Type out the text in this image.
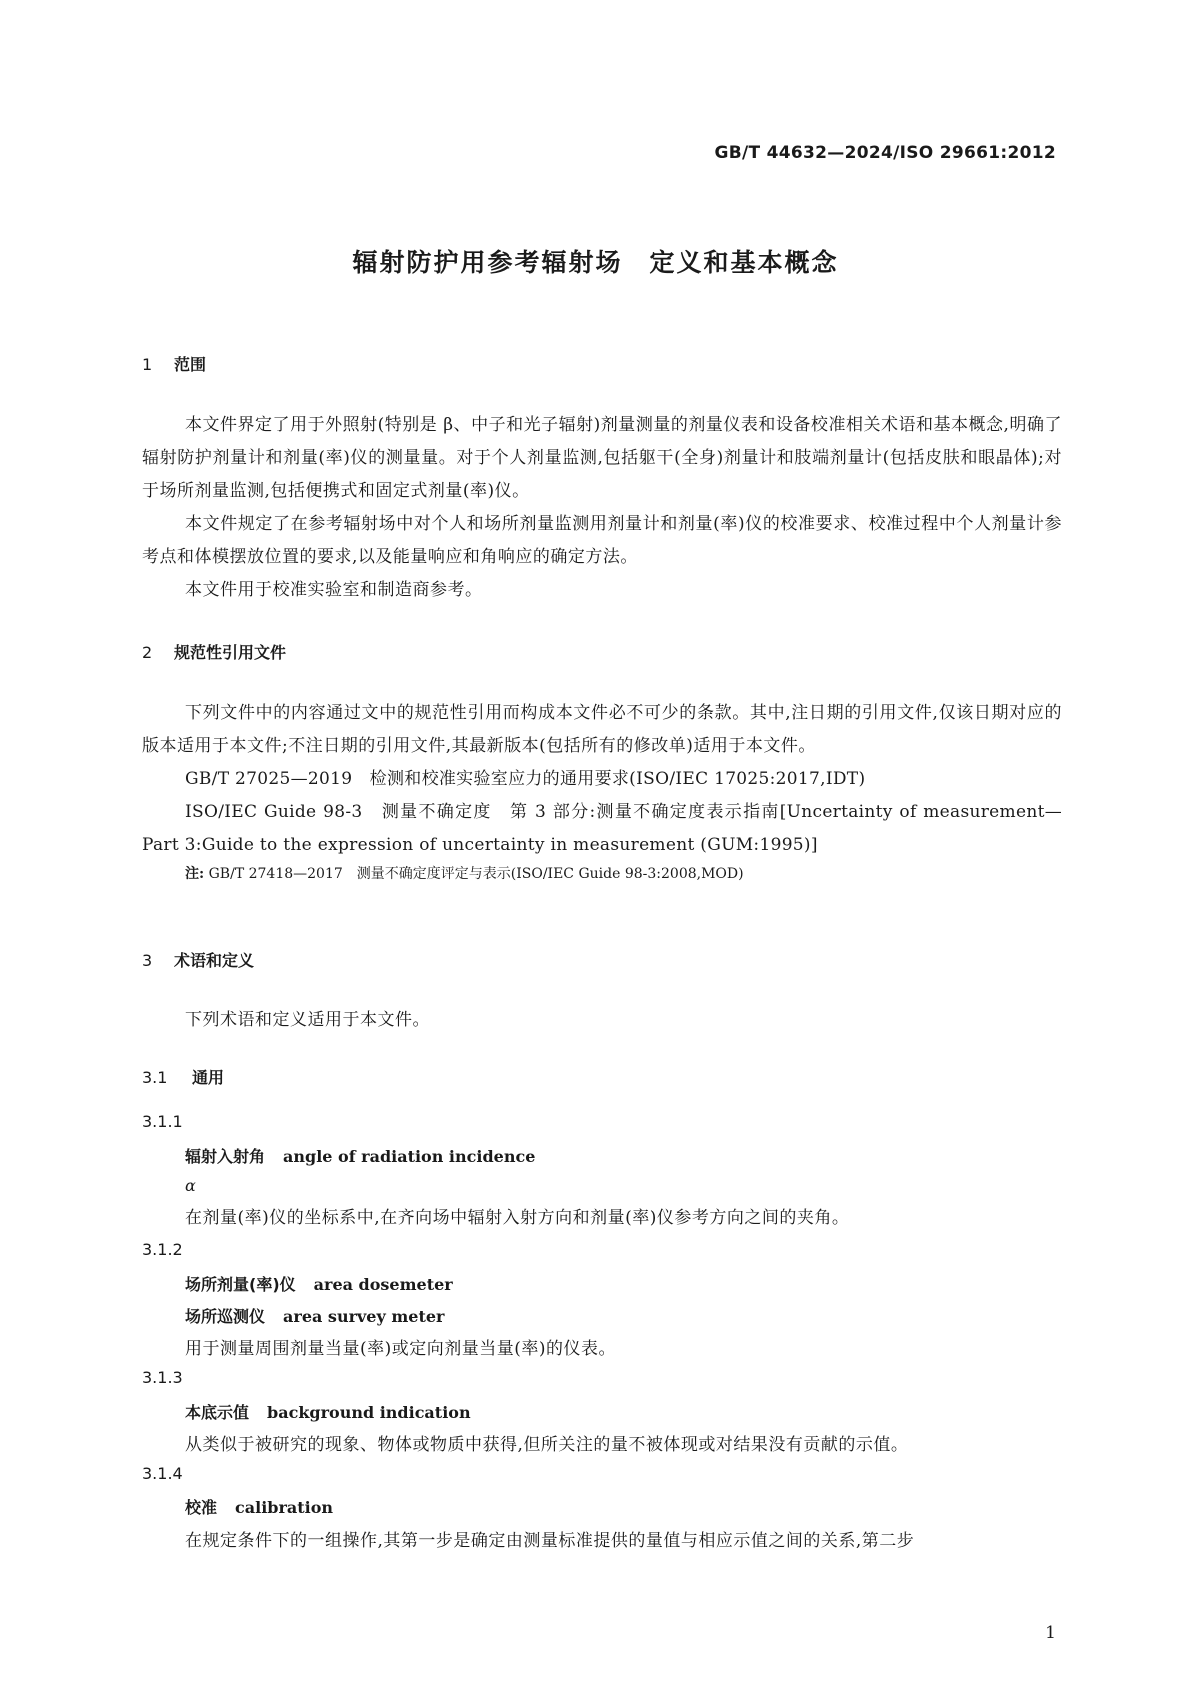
GB/T 44632—2024/ISO 29661:2012
辐射防护用参考辐射场　定义和基本概念
1 范围

本文件界定了用于外照射(特别是 β、中子和光子辐射)剂量测量的剂量仪表和设备校准相关术语和基本概念,明确了辐射防护剂量计和剂量(率)仪的测量量。对于个人剂量监测,包括躯干(全身)剂量计和肢端剂量计(包括皮肤和眼晶体);对于场所剂量监测,包括便携式和固定式剂量(率)仪。

本文件规定了在参考辐射场中对个人和场所剂量监测用剂量计和剂量(率)仪的校准要求、校准过程中个人剂量计参考点和体模摆放位置的要求,以及能量响应和角响应的确定方法。

本文件用于校准实验室和制造商参考。

2 规范性引用文件

下列文件中的内容通过文中的规范性引用而构成本文件必不可少的条款。其中,注日期的引用文件,仅该日期对应的版本适用于本文件;不注日期的引用文件,其最新版本(包括所有的修改单)适用于本文件。

GB/T 27025—2019　检测和校准实验室应力的通用要求(ISO/IEC 17025:2017,IDT)

ISO/IEC Guide 98-3　测量不确定度　第 3 部分:测量不确定度表示指南[Uncertainty of measurement—Part 3:Guide to the expression of uncertainty in measurement (GUM:1995)]

注: GB/T 27418—2017　测量不确定度评定与表示(ISO/IEC Guide 98-3:2008,MOD)

3 术语和定义

下列术语和定义适用于本文件。

3.1 通用
3.1.1
辐射入射角 angle of radiation incidence
α
在剂量(率)仪的坐标系中,在齐向场中辐射入射方向和剂量(率)仪参考方向之间的夹角。
3.1.2
场所剂量(率)仪 area dosemeter
场所巡测仪 area survey meter
用于测量周围剂量当量(率)或定向剂量当量(率)的仪表。
3.1.3
本底示值 background indication
从类似于被研究的现象、物体或物质中获得,但所关注的量不被体现或对结果没有贡献的示值。
3.1.4
校准 calibration
在规定条件下的一组操作,其第一步是确定由测量标准提供的量值与相应示值之间的关系,第二步
1
